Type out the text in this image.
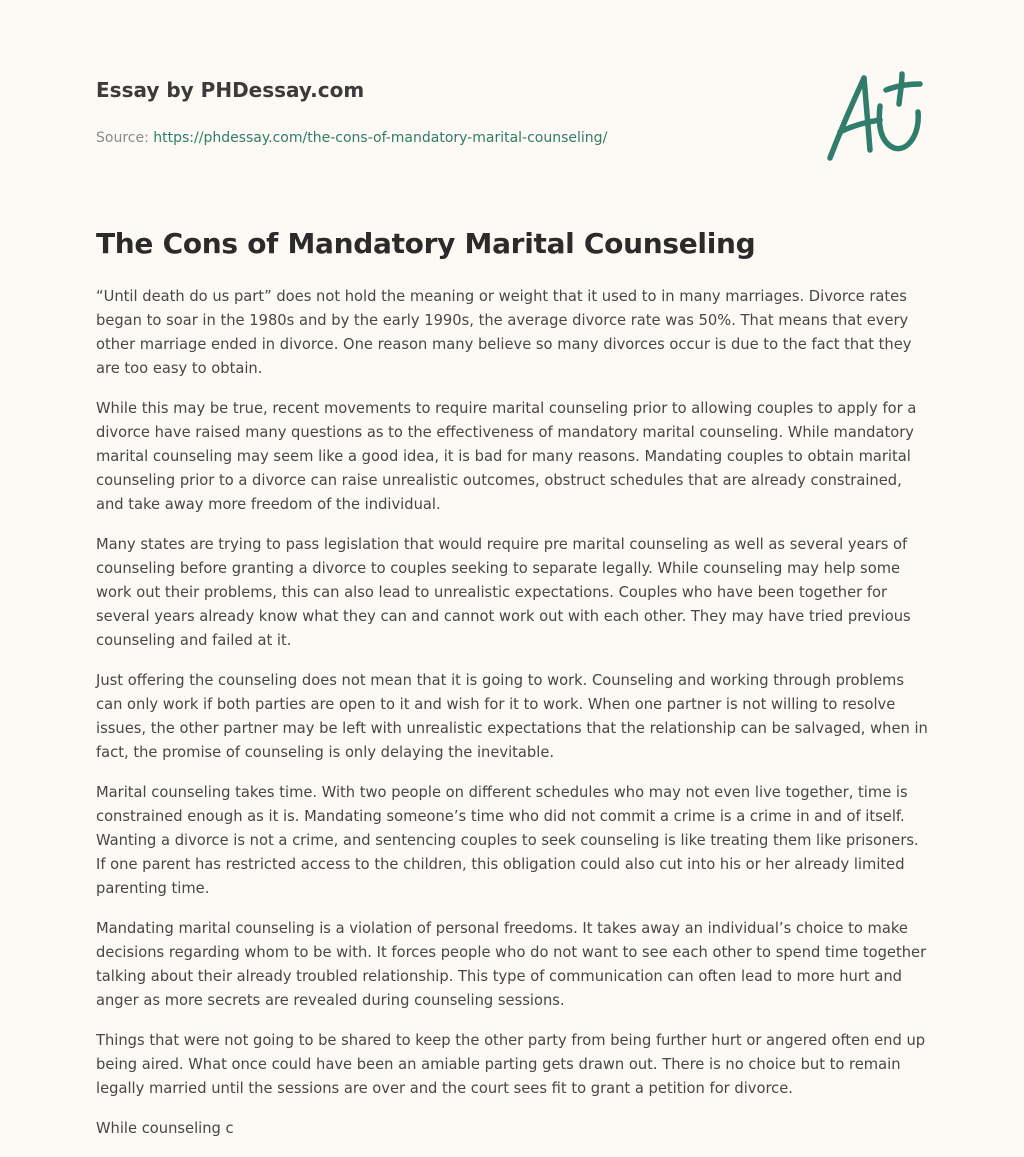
Essay by PHDessay.com
Source: https://phdessay.com/the-cons-of-mandatory-marital-counseling/
The Cons of Mandatory Marital Counseling

“Until death do us part” does not hold the meaning or weight that it used to in many marriages. Divorce rates began to soar in the 1980s and by the early 1990s, the average divorce rate was 50%. That means that every other marriage ended in divorce. One reason many believe so many divorces occur is due to the fact that they are too easy to obtain.

While this may be true, recent movements to require marital counseling prior to allowing couples to apply for a divorce have raised many questions as to the effectiveness of mandatory marital counseling. While mandatory marital counseling may seem like a good idea, it is bad for many reasons. Mandating couples to obtain marital counseling prior to a divorce can raise unrealistic outcomes, obstruct schedules that are already constrained, and take away more freedom of the individual.

Many states are trying to pass legislation that would require pre marital counseling as well as several years of counseling before granting a divorce to couples seeking to separate legally. While counseling may help some work out their problems, this can also lead to unrealistic expectations. Couples who have been together for several years already know what they can and cannot work out with each other. They may have tried previous counseling and failed at it.

Just offering the counseling does not mean that it is going to work. Counseling and working through problems can only work if both parties are open to it and wish for it to work. When one partner is not willing to resolve issues, the other partner may be left with unrealistic expectations that the relationship can be salvaged, when in fact, the promise of counseling is only delaying the inevitable.

Marital counseling takes time. With two people on different schedules who may not even live together, time is constrained enough as it is. Mandating someone’s time who did not commit a crime is a crime in and of itself. Wanting a divorce is not a crime, and sentencing couples to seek counseling is like treating them like prisoners. If one parent has restricted access to the children, this obligation could also cut into his or her already limited parenting time.

Mandating marital counseling is a violation of personal freedoms. It takes away an individual’s choice to make decisions regarding whom to be with. It forces people who do not want to see each other to spend time together talking about their already troubled relationship. This type of communication can often lead to more hurt and anger as more secrets are revealed during counseling sessions.

Things that were not going to be shared to keep the other party from being further hurt or angered often end up being aired. What once could have been an amiable parting gets drawn out. There is no choice but to remain legally married until the sessions are over and the court sees fit to grant a petition for divorce.

While counseling c
